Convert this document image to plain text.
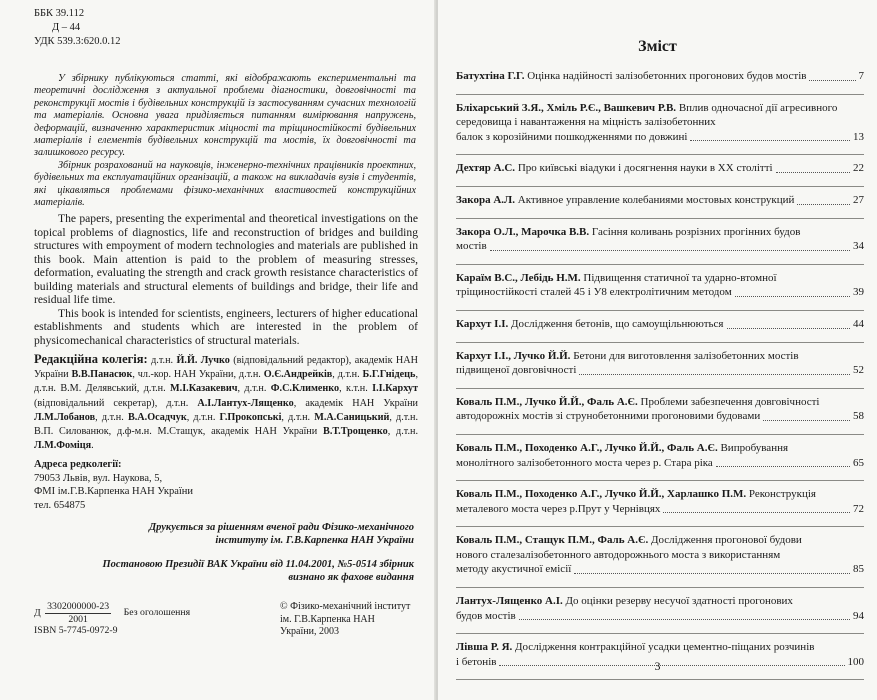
ББК 39.112
Д – 44
УДК 539.3:620.0.12

У збірнику публікуються статті, які відображають експериментальні та теоретичні дослідження з актуальної проблеми діагностики, довговічності та реконструкції мостів і будівельних конструкцій із застосуванням сучасних технологій та матеріалів. Основна увага приділяється питанням вимірювання напружень, деформацій, визначенню характеристик міцності та тріщиностійкості будівельних матеріалів і елементів будівельних конструкцій та мостів, їх довговічності та залишкового ресурсу.

Збірник розрахований на науковців, інженерно-технічних працівників проектних, будівельних та експлуатаційних організацій, а також на викладачів вузів і студентів, які цікавляться проблемами фізико-механічних властивостей конструкційних матеріалів.

The papers, presenting the experimental and theoretical investigations on the topical problems of diagnostics, life and reconstruction of bridges and building structures with empoyment of modern technologies and materials are published in this book. Main attention is paid to the problem of measuring stresses, deformation, evaluating the strength and crack growth resistance characteristics of building materials and structural elements of buildings and bridge, their life and residual life time.

This book is intended for scientists, engineers, lecturers of higher educational establishments and students which are interested in the problem of physicomechanical characteristics of structural materials.

Редакційна колегія: д.т.н. Й.Й. Лучко (відповідальний редактор), академік НАН України В.В.Панасюк, чл.-кор. НАН України, д.т.н. О.Є.Андрейків, д.т.н. Б.Г.Гнідець, д.т.н. В.М. Делявський, д.т.н. М.І.Казакевич, д.т.н. Ф.С.Клименко, к.т.н. І.І.Кархут (відповідальний секретар), д.т.н. А.І.Лантух-Лященко, академік НАН України Л.М.Лобанов, д.т.н. В.А.Осадчук, д.т.н. Г.Прокопські, д.т.н. М.А.Саницький, д.т.н. В.П. Силованюк, д.ф-м.н. М.Стащук, академік НАН України В.Т.Трощенко, д.т.н. Л.М.Фоміця.
Адреса редколегії:
79053 Львів, вул. Наукова, 5,
ФМІ ім.Г.В.Карпенка НАН України
тел. 654875

Друкується за рішенням вченої ради Фізико-механічного інституту ім. Г.В.Карпенка НАН України

Постановою Президії ВАК України від 11.04.2001, №5-0514 збірник визнано як фахове видання

Д $\frac{3302000000-23}{2001}$ Без оголошення
ISBN 5-7745-0972-9
© Фізико-механічний інститут
ім. Г.В.Карпенка НАН
України, 2003
Зміст
Батухтіна Г.Г. Оцінка надійності залізобетонних прогонових будов мостів	7
Бліхарський З.Я., Хміль Р.Є., Вашкевич Р.В. Вплив одночасної дії агресивного середовища і навантаження на міцність залізобетонних
балок з корозійними пошкодженнями по довжині	13
Дехтяр А.С. Про київські віадуки і досягнення науки в ХХ столітті	22
Закора А.Л. Активное управление колебаниями мостовых конструкций	27
Закора О.Л., Марочка В.В. Гасіння коливань розрізних прогінних будов
мостів	34
Караїм В.С., Лебідь Н.М. Підвищення статичної та ударно-втомної
тріщиностійкості сталей 45 і У8 електролітичним методом	39
Кархут І.І. Дослідження бетонів, що самоущільнюються	44
Кархут І.І., Лучко Й.Й. Бетони для виготовлення залізобетонних мостів
підвищеної довговічності	52
Коваль П.М., Лучко Й.Й., Фаль А.Є. Проблеми забезпечення довговічності
автодорожніх мостів зі струнобетонними прогоновими будовами	58
Коваль П.М., Походенко А.Г., Лучко Й.Й., Фаль А.Є. Випробування
монолітного залізобетонного моста через р. Стара ріка	65
Коваль П.М., Походенко А.Г., Лучко Й.Й., Харлашко П.М. Реконструкція
металевого моста через р.Прут у Чернівцях	72
Коваль П.М., Стащук П.М., Фаль А.Є. Дослідження прогонової будови
нового сталезалізобетонного автодорожнього моста з використанням
методу акустичної емісії	85
Лантух-Лященко А.І. До оцінки резерву несучої здатності прогонових
будов мостів	94
Лівша Р. Я. Дослідження контракційної усадки цементно-піщаних розчинів
і бетонів	100
3
